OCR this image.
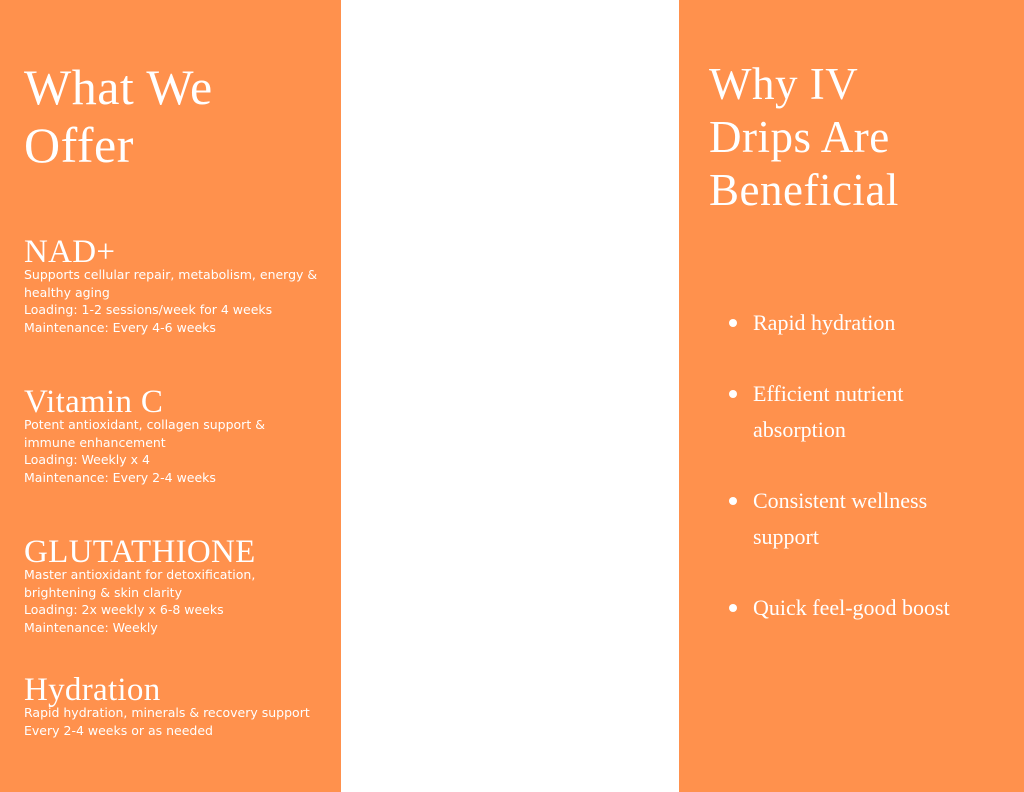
What We
Offer
NAD+
Supports cellular repair, metabolism, energy &
healthy aging
Loading: 1-2 sessions/week for 4 weeks
Maintenance: Every 4-6 weeks
Vitamin C
Potent antioxidant, collagen support &
immune enhancement
Loading: Weekly x 4
Maintenance: Every 2-4 weeks
GLUTATHIONE
Master antioxidant for detoxification,
brightening & skin clarity
Loading: 2x weekly x 6-8 weeks
Maintenance: Weekly
Hydration
Rapid hydration, minerals & recovery support
Every 2-4 weeks or as needed
Why IV
Drips Are
Beneficial
Rapid hydration
Efficient nutrient
absorption
Consistent wellness
support
Quick feel-good boost
